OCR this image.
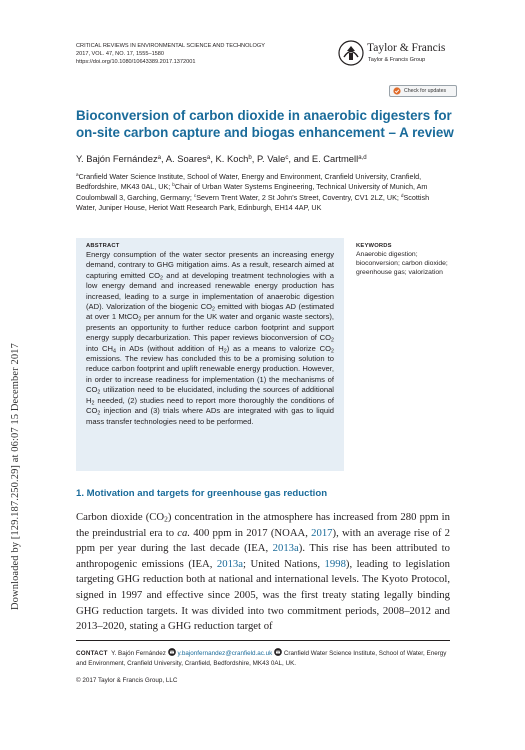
Downloaded by [129.187.250.29] at 06:07 15 December 2017
CRITICAL REVIEWS IN ENVIRONMENTAL SCIENCE AND TECHNOLOGY
2017, VOL. 47, NO. 17, 1555–1580
https://doi.org/10.1080/10643389.2017.1372001
Taylor & Francis
Taylor & Francis Group
Check for updates
Bioconversion of carbon dioxide in anaerobic digesters for on-site carbon capture and biogas enhancement – A review
Y. Bajón Fernández$^a$, A. Soares$^a$, K. Koch$^b$, P. Vale$^c$, and E. Cartmell$^{a,d}$
$^a$Cranfield Water Science Institute, School of Water, Energy and Environment, Cranfield University, Cranfield, Bedfordshire, MK43 0AL, UK; $^b$Chair of Urban Water Systems Engineering, Technical University of Munich, Am Coulombwall 3, Garching, Germany; $^c$Severn Trent Water, 2 St John's Street, Coventry, CV1 2LZ, UK; $^d$Scottish Water, Juniper House, Heriot Watt Research Park, Edinburgh, EH14 4AP, UK
ABSTRACT
Energy consumption of the water sector presents an increasing energy demand, contrary to GHG mitigation aims. As a result, research aimed at capturing emitted $CO_2$ and at developing treatment technologies with a low energy demand and increased renewable energy production has increased, leading to a surge in implementation of anaerobic digestion (AD). Valorization of the biogenic $CO_2$ emitted with biogas AD (estimated at over 1 MtCO$_2$ per annum for the UK water and organic waste sectors), presents an opportunity to further reduce carbon footprint and support energy supply decarburization. This paper reviews bioconversion of $CO_2$ into $CH_4$ in ADs (without addition of $H_2$) as a means to valorize $CO_2$ emissions. The review has concluded this to be a promising solution to reduce carbon footprint and uplift renewable energy production. However, in order to increase readiness for implementation (1) the mechanisms of $CO_2$ utilization need to be elucidated, including the sources of additional $H_2$ needed, (2) studies need to report more thoroughly the conditions of $CO_2$ injection and (3) trials where ADs are integrated with gas to liquid mass transfer technologies need to be performed.
KEYWORDS
Anaerobic digestion; bioconversion; carbon dioxide; greenhouse gas; valorization
1. Motivation and targets for greenhouse gas reduction
Carbon dioxide $(CO_2)$ concentration in the atmosphere has increased from 280 ppm in the preindustrial era to ca. 400 ppm in 2017 (NOAA, 2017), with an average rise of 2 ppm per year during the last decade (IEA, 2013a). This rise has been attributed to anthropogenic emissions (IEA, 2013a; United Nations, 1998), leading to legislation targeting GHG reduction both at national and international levels. The Kyoto Protocol, signed in 1997 and effective since 2005, was the first treaty stating legally binding GHG reduction targets. It was divided into two commitment periods, 2008–2012 and 2013–2020, stating a GHG reduction target of
CONTACT Y. Bajón Fernández y.bajonfernandez@cranfield.ac.uk Cranfield Water Science Institute, School of Water, Energy and Environment, Cranfield University, Cranfield, Bedfordshire, MK43 0AL, UK.
© 2017 Taylor & Francis Group, LLC
